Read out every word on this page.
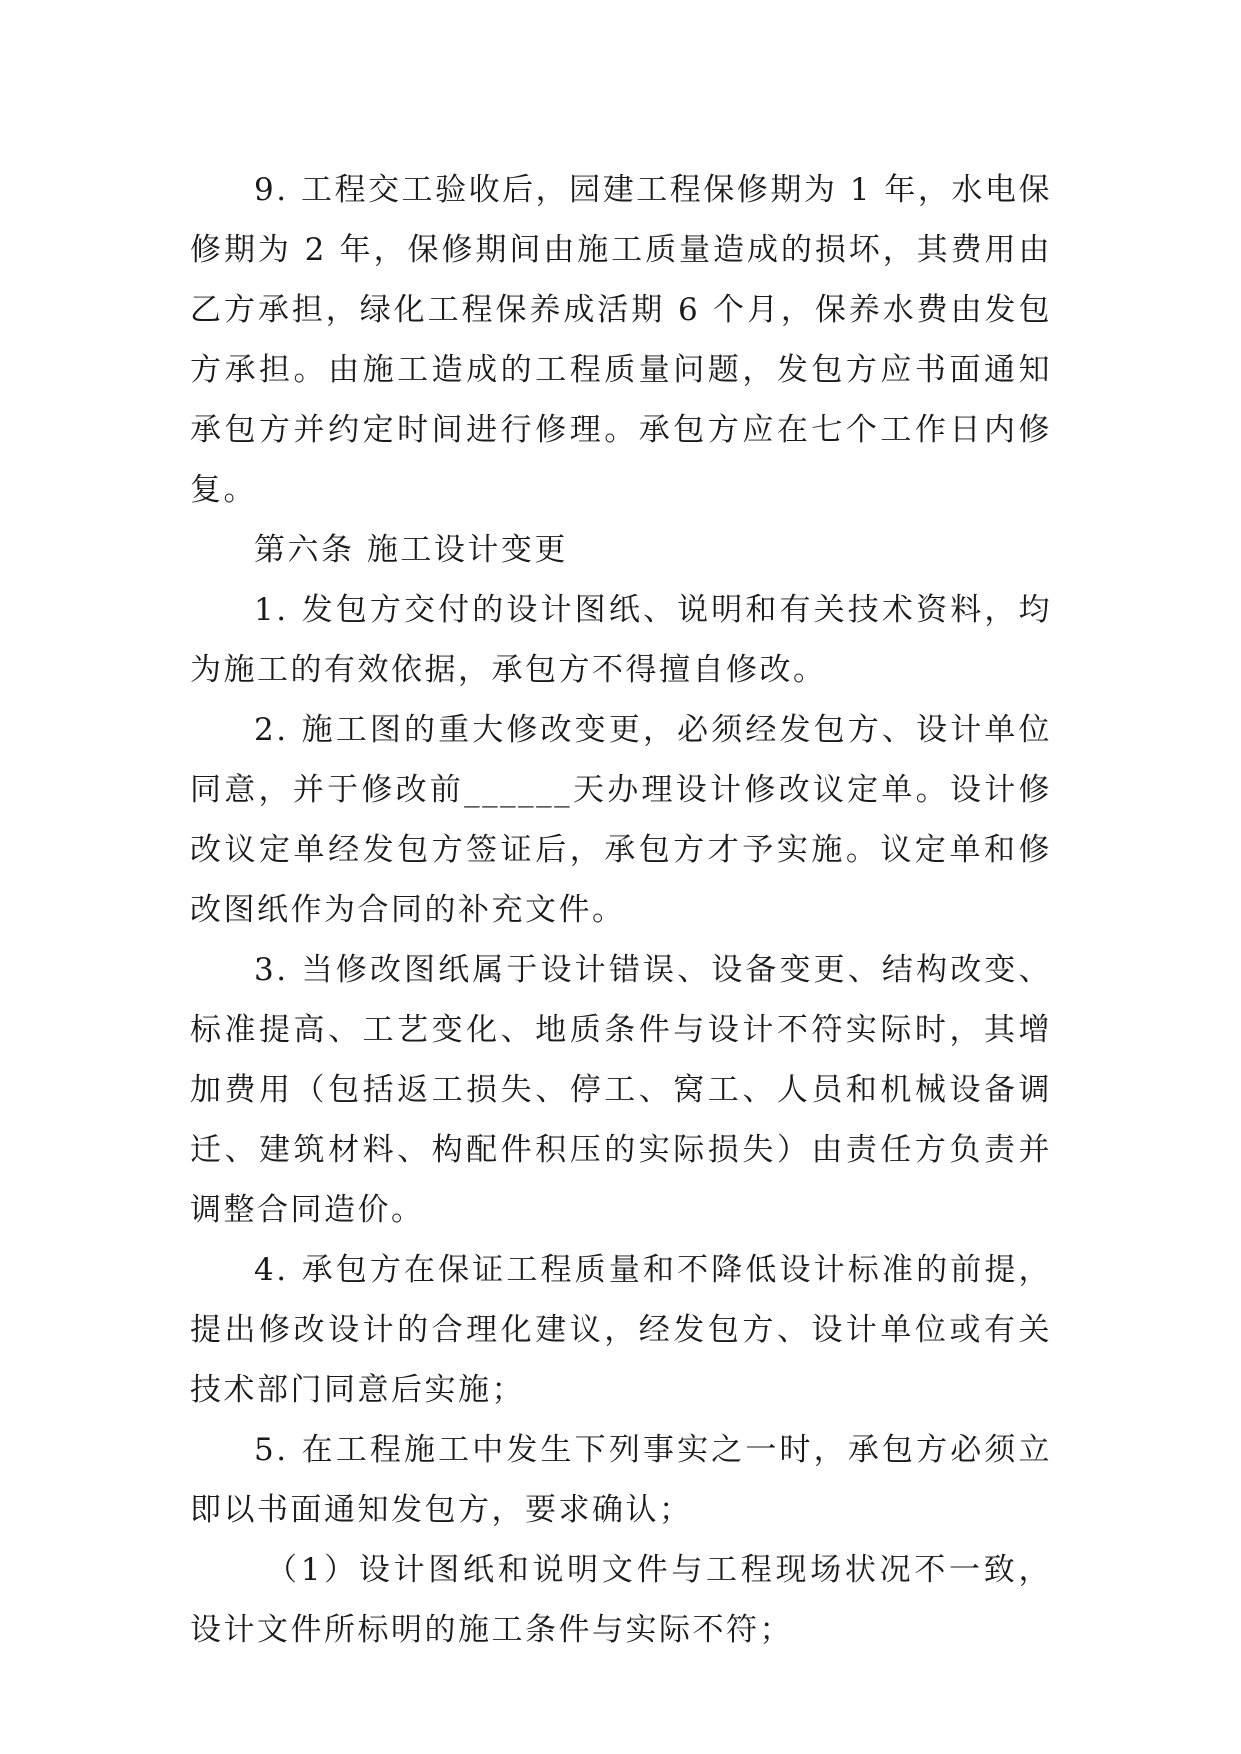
9. 工程交工验收后，园建工程保修期为 1 年，水电保修期为 2 年，保修期间由施工质量造成的损坏，其费用由乙方承担，绿化工程保养成活期 6 个月，保养水费由发包方承担。由施工造成的工程质量问题，发包方应书面通知承包方并约定时间进行修理。承包方应在七个工作日内修复。

第六条 施工设计变更

1. 发包方交付的设计图纸、说明和有关技术资料，均为施工的有效依据，承包方不得擅自修改。

2. 施工图的重大修改变更，必须经发包方、设计单位同意，并于修改前______天办理设计修改议定单。设计修改议定单经发包方签证后，承包方才予实施。议定单和修改图纸作为合同的补充文件。

3. 当修改图纸属于设计错误、设备变更、结构改变、标准提高、工艺变化、地质条件与设计不符实际时，其增加费用（包括返工损失、停工、窝工、人员和机械设备调迁、建筑材料、构配件积压的实际损失）由责任方负责并调整合同造价。

4. 承包方在保证工程质量和不降低设计标准的前提，提出修改设计的合理化建议，经发包方、设计单位或有关技术部门同意后实施；

5. 在工程施工中发生下列事实之一时，承包方必须立即以书面通知发包方，要求确认；

（1）设计图纸和说明文件与工程现场状况不一致，设计文件所标明的施工条件与实际不符；
